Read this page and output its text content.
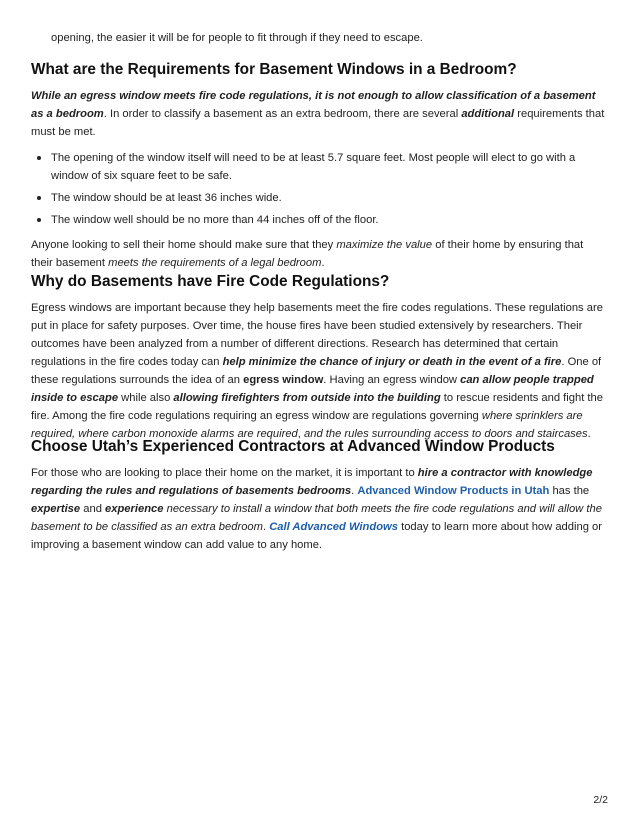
opening, the easier it will be for people to fit through if they need to escape.

What are the Requirements for Basement Windows in a Bedroom?

While an egress window meets fire code regulations, it is not enough to allow classification of a basement as a bedroom. In order to classify a basement as an extra bedroom, there are several additional requirements that must be met.

The opening of the window itself will need to be at least 5.7 square feet. Most people will elect to go with a window of six square feet to be safe.
The window should be at least 36 inches wide.
The window well should be no more than 44 inches off of the floor.

Anyone looking to sell their home should make sure that they maximize the value of their home by ensuring that their basement meets the requirements of a legal bedroom.

Why do Basements have Fire Code Regulations?

Egress windows are important because they help basements meet the fire codes regulations. These regulations are put in place for safety purposes. Over time, the house fires have been studied extensively by researchers. Their outcomes have been analyzed from a number of different directions. Research has determined that certain regulations in the fire codes today can help minimize the chance of injury or death in the event of a fire. One of these regulations surrounds the idea of an egress window. Having an egress window can allow people trapped inside to escape while also allowing firefighters from outside into the building to rescue residents and fight the fire. Among the fire code regulations requiring an egress window are regulations governing where sprinklers are required, where carbon monoxide alarms are required, and the rules surrounding access to doors and staircases.

Choose Utah’s Experienced Contractors at Advanced Window Products

For those who are looking to place their home on the market, it is important to hire a contractor with knowledge regarding the rules and regulations of basements bedrooms. Advanced Window Products in Utah has the expertise and experience necessary to install a window that both meets the fire code regulations and will allow the basement to be classified as an extra bedroom. Call Advanced Windows today to learn more about how adding or improving a basement window can add value to any home.

2/2
